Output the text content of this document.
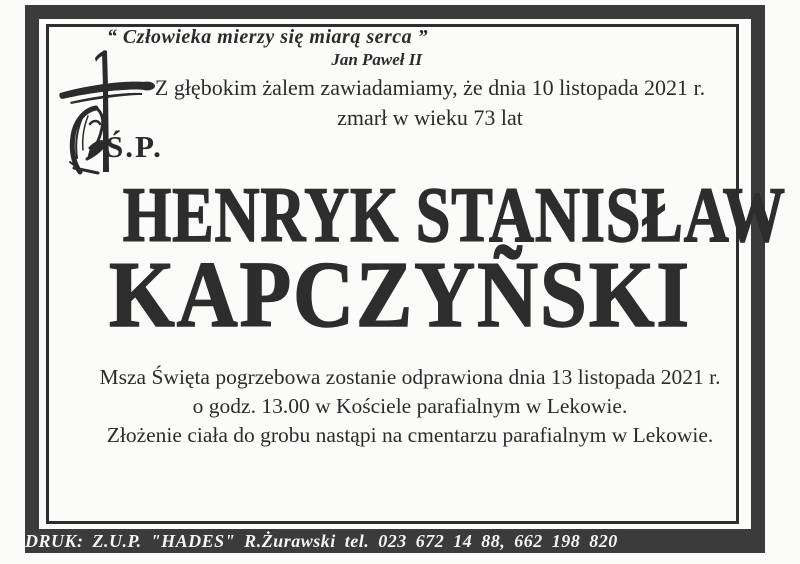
“ Człowieka mierzy się miarą serca ”
Jan Paweł II
Ś.P.
Z głębokim żalem zawiadamiamy, że dnia 10 listopada 2021 r.
zmarł w wieku 73 lat
HENRYK STANISŁAW
KAPCZYÑSKI
Msza Święta pogrzebowa zostanie odprawiona dnia 13 listopada 2021 r.
o godz. 13.00 w Kościele parafialnym w Lekowie.
Złożenie ciała do grobu nastąpi na cmentarzu parafialnym w Lekowie.
DRUK: Z.U.P. "HADES" R.Żurawski tel. 023 672 14 88, 662 198 820
